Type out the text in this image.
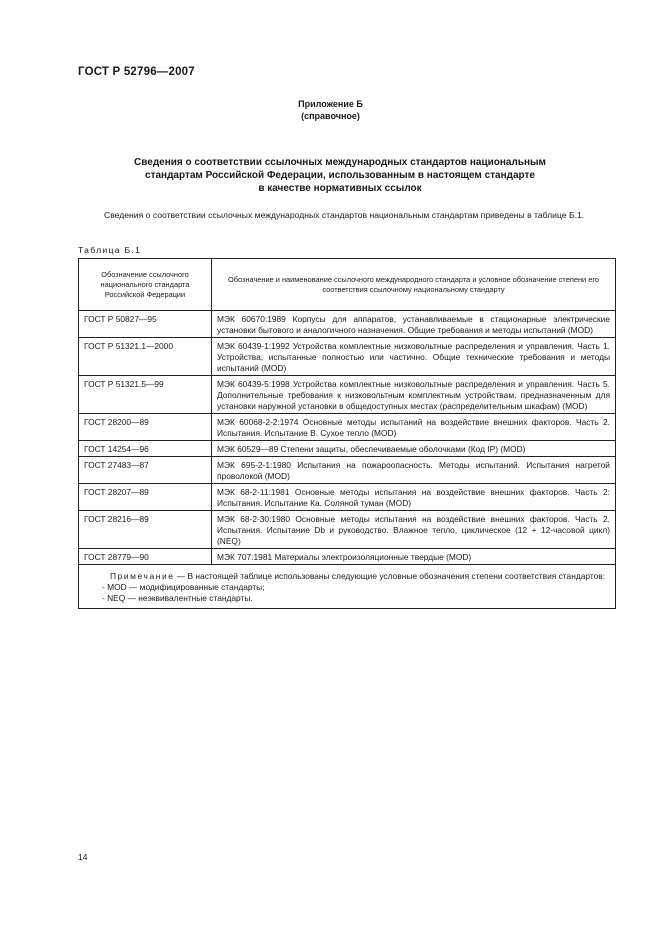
ГОСТ Р 52796—2007
Приложение Б
(справочное)
Сведения о соответствии ссылочных международных стандартов национальным
стандартам Российской Федерации, использованным в настоящем стандарте
в качестве нормативных ссылок
Сведения о соответствии ссылочных международных стандартов национальным стандартам приведены в таблице Б.1.
Таблица Б.1
Обозначение ссылочного национального стандарта Российской Федерации	Обозначение и наименование ссылочного международного стандарта и условное обозначение степени его соответствия ссылочному национальному стандарту
ГОСТ Р 50827—95	МЭК 60670:1989 Корпусы для аппаратов, устанавливаемые в стационарные электрические установки бытового и аналогичного назначения. Общие требования и методы испытаний (MOD)
ГОСТ Р 51321.1—2000	МЭК 60439-1:1992 Устройства комплектные низковольтные распределения и управления. Часть 1. Устройства, испытанные полностью или частично. Общие технические требования и методы испытаний (MOD)
ГОСТ Р 51321.5—99	МЭК 60439-5:1998 Устройства комплектные низковольтные распределения и управления. Часть 5. Дополнительные требования к низковольтным комплектным устройствам, предназначенным для установки наружной установки в общедоступных местах (распределительным шкафам) (MOD)
ГОСТ 28200—89	МЭК 60068-2-2:1974 Основные методы испытаний на воздействие внешних факторов. Часть 2. Испытания. Испытание В. Сухое тепло (MOD)
ГОСТ 14254—96	МЭК 60529—89 Степени защиты, обеспечиваемые оболочками (Код IP) (MOD)
ГОСТ 27483—87	МЭК 695-2-1:1980 Испытания на пожароопасность. Методы испытаний. Испытания нагретой проволокой (MOD)
ГОСТ 28207—89	МЭК 68-2-11:1981 Основные методы испытания на воздействие внешних факторов. Часть 2: Испытания. Испытание Ка. Соляной туман (MOD)
ГОСТ 28216—89	МЭК 68-2-30:1980 Основные методы испытания на воздействие внешних факторов. Часть 2. Испытания. Испытание Db и руководство. Влажное тепло, циклическое (12 + 12-часовой цикл) (NEQ)
ГОСТ 28779—90	МЭК 707:1981 Материалы электроизоляционные твердые (MOD)

Примечание — В настоящей таблице использованы следующие условные обозначения степени соответствия стандартов:
- MOD — модифицированные стандарты;
- NEQ — неэквивалентные стандарты.	
14
